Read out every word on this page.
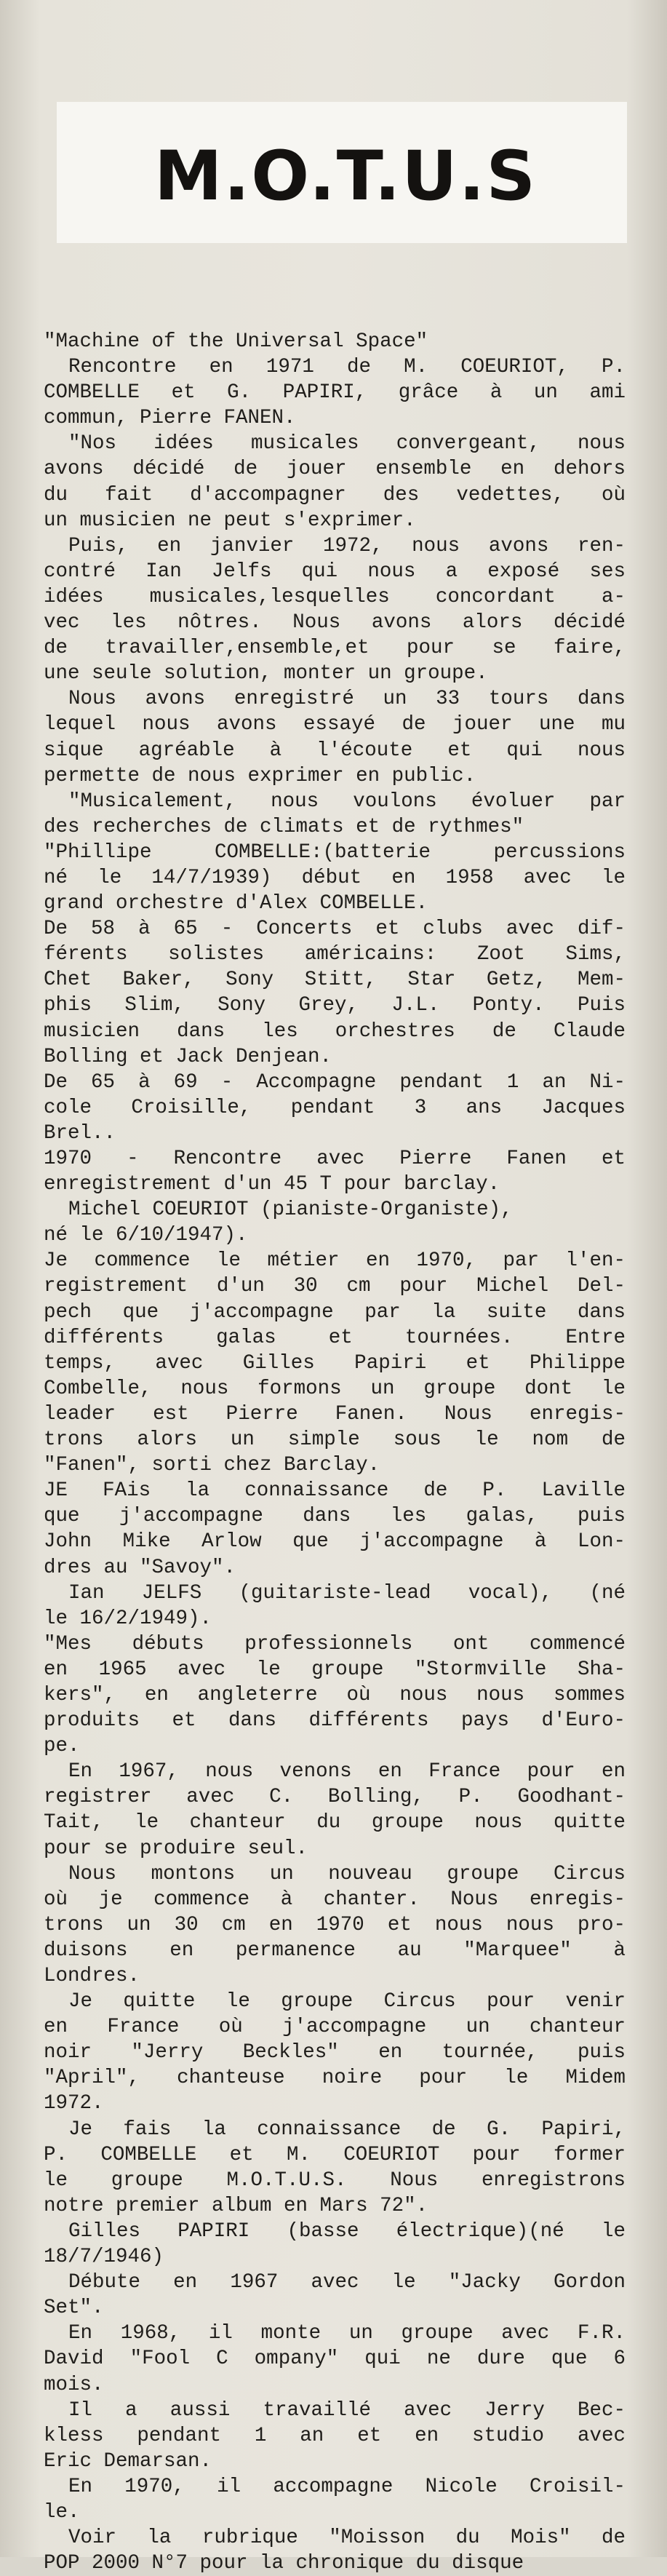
M.O.T.U.S
"Machine of the Universal Space"
Rencontre en 1971 de M. COEURIOT, P.
COMBELLE et G. PAPIRI, grâce à un ami
commun, Pierre FANEN.
"Nos idées musicales convergeant, nous
avons décidé de jouer ensemble en dehors
du fait d'accompagner des vedettes, où
un musicien ne peut s'exprimer.
Puis, en janvier 1972, nous avons ren-
contré Ian Jelfs qui nous a exposé ses
idées musicales,lesquelles concordant a-
vec les nôtres. Nous avons alors décidé
de travailler,ensemble,et pour se faire,
une seule solution, monter un groupe.
Nous avons enregistré un 33 tours dans
lequel nous avons essayé de jouer une mu
sique agréable à l'écoute et qui nous
permette de nous exprimer en public.
"Musicalement, nous voulons évoluer par
des recherches de climats et de rythmes"
"Phillipe COMBELLE:(batterie percussions
né le 14/7/1939) début en 1958 avec le
grand orchestre d'Alex COMBELLE.
De 58 à 65 - Concerts et clubs avec dif-
férents solistes américains: Zoot Sims,
Chet Baker, Sony Stitt, Star Getz, Mem-
phis Slim, Sony Grey, J.L. Ponty. Puis
musicien dans les orchestres de Claude
Bolling et Jack Denjean.
De 65 à 69 - Accompagne pendant 1 an Ni-
cole Croisille, pendant 3 ans Jacques
Brel..
1970 - Rencontre avec Pierre Fanen et
enregistrement d'un 45 T pour barclay.
Michel COEURIOT (pianiste-Organiste),
né le 6/10/1947).
Je commence le métier en 1970, par l'en-
registrement d'un 30 cm pour Michel Del-
pech que j'accompagne par la suite dans
différents galas et tournées. Entre
temps, avec Gilles Papiri et Philippe
Combelle, nous formons un groupe dont le
leader est Pierre Fanen. Nous enregis-
trons alors un simple sous le nom de
"Fanen", sorti chez Barclay.
JE FAis la connaissance de P. Laville
que j'accompagne dans les galas, puis
John Mike Arlow que j'accompagne à Lon-
dres au "Savoy".
Ian JELFS (guitariste-lead vocal), (né
le 16/2/1949).
"Mes débuts professionnels ont commencé
en 1965 avec le groupe "Stormville Sha-
kers", en angleterre où nous nous sommes
produits et dans différents pays d'Euro-
pe.
En 1967, nous venons en France pour en
registrer avec C. Bolling, P. Goodhant-
Tait, le chanteur du groupe nous quitte
pour se produire seul.
Nous montons un nouveau groupe Circus
où je commence à chanter. Nous enregis-
trons un 30 cm en 1970 et nous nous pro-
duisons en permanence au "Marquee" à
Londres.
Je quitte le groupe Circus pour venir
en France où j'accompagne un chanteur
noir "Jerry Beckles" en tournée, puis
"April", chanteuse noire pour le Midem
1972.
Je fais la connaissance de G. Papiri,
P. COMBELLE et M. COEURIOT pour former
le groupe M.O.T.U.S. Nous enregistrons
notre premier album en Mars 72".
Gilles PAPIRI (basse électrique)(né le
18/7/1946)
Débute en 1967 avec le "Jacky Gordon
Set".
En 1968, il monte un groupe avec F.R.
David "Fool C ompany" qui ne dure que 6
mois.
Il a aussi travaillé avec Jerry Bec-
kless pendant 1 an et en studio avec
Eric Demarsan.
En 1970, il accompagne Nicole Croisil-
le.
Voir la rubrique "Moisson du Mois" de
POP 2000 N°7 pour la chronique du disque
